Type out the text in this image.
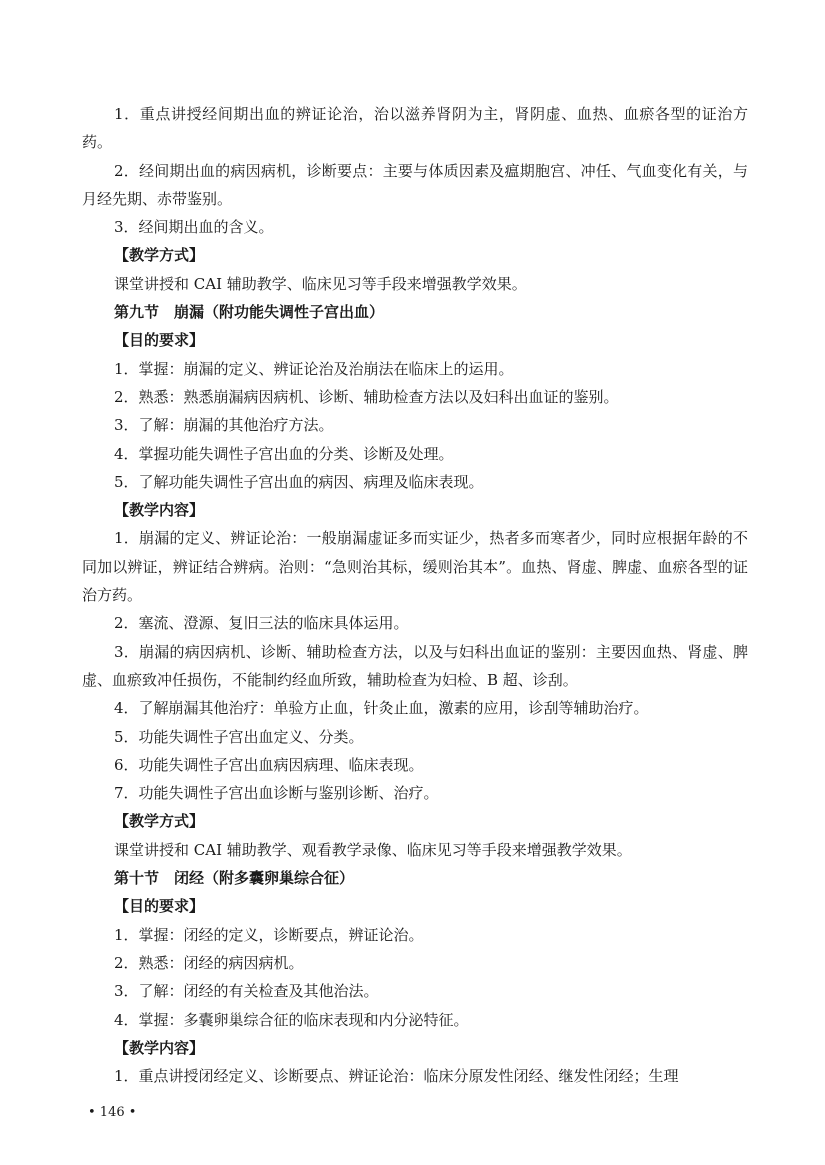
1．重点讲授经间期出血的辨证论治，治以滋养肾阴为主，肾阴虚、血热、血瘀各型的证治方药。

2．经间期出血的病因病机，诊断要点：主要与体质因素及瘟期胞宫、冲任、气血变化有关，与月经先期、赤带鉴别。

3．经间期出血的含义。

【教学方式】

课堂讲授和 CAI 辅助教学、临床见习等手段来增强教学效果。

第九节　崩漏（附功能失调性子宫出血）

【目的要求】

1．掌握：崩漏的定义、辨证论治及治崩法在临床上的运用。

2．熟悉：熟悉崩漏病因病机、诊断、辅助检查方法以及妇科出血证的鉴别。

3．了解：崩漏的其他治疗方法。

4．掌握功能失调性子宫出血的分类、诊断及处理。

5．了解功能失调性子宫出血的病因、病理及临床表现。

【教学内容】

1．崩漏的定义、辨证论治：一般崩漏虚证多而实证少，热者多而寒者少，同时应根据年龄的不同加以辨证，辨证结合辨病。治则：“急则治其标，缓则治其本”。血热、肾虚、脾虚、血瘀各型的证治方药。

2．塞流、澄源、复旧三法的临床具体运用。

3．崩漏的病因病机、诊断、辅助检查方法，以及与妇科出血证的鉴别：主要因血热、肾虚、脾虚、血瘀致冲任损伤，不能制约经血所致，辅助检查为妇检、B 超、诊刮。

4．了解崩漏其他治疗：单验方止血，针灸止血，激素的应用，诊刮等辅助治疗。

5．功能失调性子宫出血定义、分类。

6．功能失调性子宫出血病因病理、临床表现。

7．功能失调性子宫出血诊断与鉴别诊断、治疗。

【教学方式】

课堂讲授和 CAI 辅助教学、观看教学录像、临床见习等手段来增强教学效果。

第十节　闭经（附多囊卵巢综合征）

【目的要求】

1．掌握：闭经的定义，诊断要点，辨证论治。

2．熟悉：闭经的病因病机。

3．了解：闭经的有关检查及其他治法。

4．掌握：多囊卵巢综合征的临床表现和内分泌特征。

【教学内容】

1．重点讲授闭经定义、诊断要点、辨证论治：临床分原发性闭经、继发性闭经；生理

• 146 •
